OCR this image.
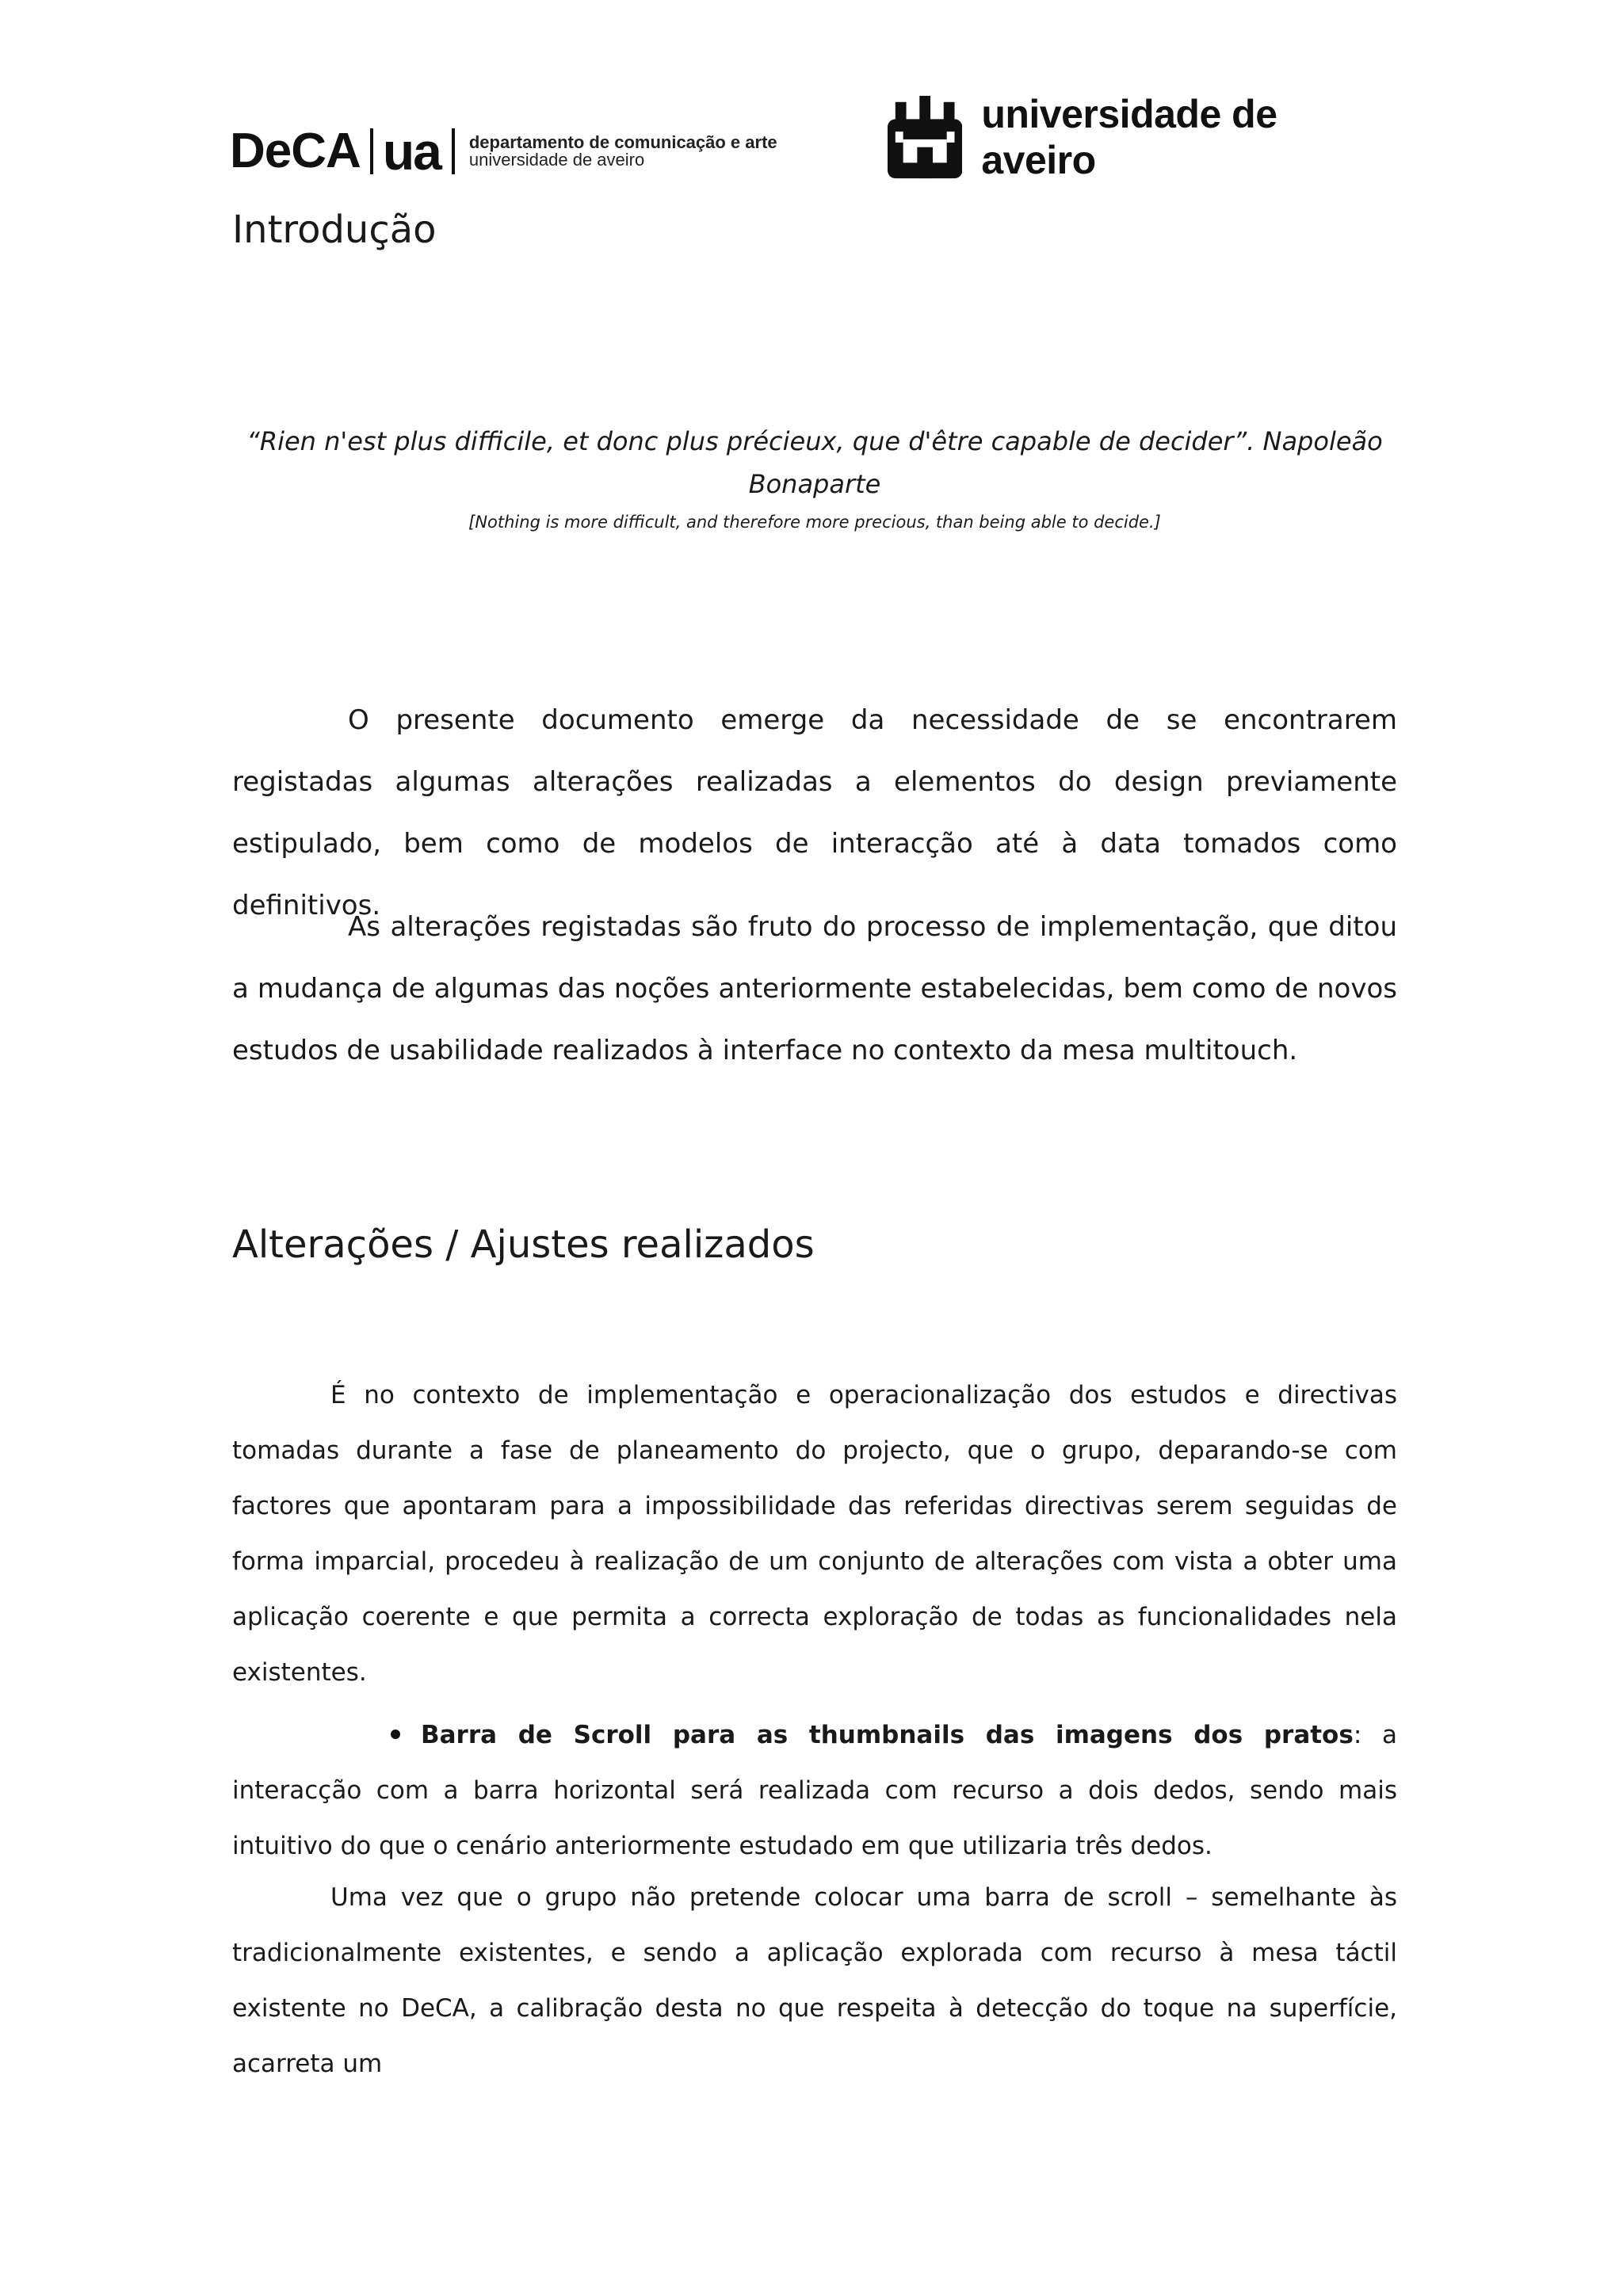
DeCA ua departamento de comunicação e arte
universidade de aveiro
universidade de aveiro
Introdução
“Rien n'est plus difficile, et donc plus précieux, que d'être capable de decider”. Napoleão Bonaparte
[Nothing is more difficult, and therefore more precious, than being able to decide.]

O presente documento emerge da necessidade de se encontrarem registadas algumas alterações realizadas a elementos do design previamente estipulado, bem como de modelos de interacção até à data tomados como definitivos.

As alterações registadas são fruto do processo de implementação, que ditou a mudança de algumas das noções anteriormente estabelecidas, bem como de novos estudos de usabilidade realizados à interface no contexto da mesa multitouch.

Alterações / Ajustes realizados

É no contexto de implementação e operacionalização dos estudos e directivas tomadas durante a fase de planeamento do projecto, que o grupo, deparando-se com factores que apontaram para a impossibilidade das referidas directivas serem seguidas de forma imparcial, procedeu à realização de um conjunto de alterações com vista a obter uma aplicação coerente e que permita a correcta exploração de todas as funcionalidades nela existentes.

Barra de Scroll para as thumbnails das imagens dos pratos: a interacção com a barra horizontal será realizada com recurso a dois dedos, sendo mais intuitivo do que o cenário anteriormente estudado em que utilizaria três dedos.

Uma vez que o grupo não pretende colocar uma barra de scroll – semelhante às tradicionalmente existentes, e sendo a aplicação explorada com recurso à mesa táctil existente no DeCA, a calibração desta no que respeita à detecção do toque na superfície, acarreta um
